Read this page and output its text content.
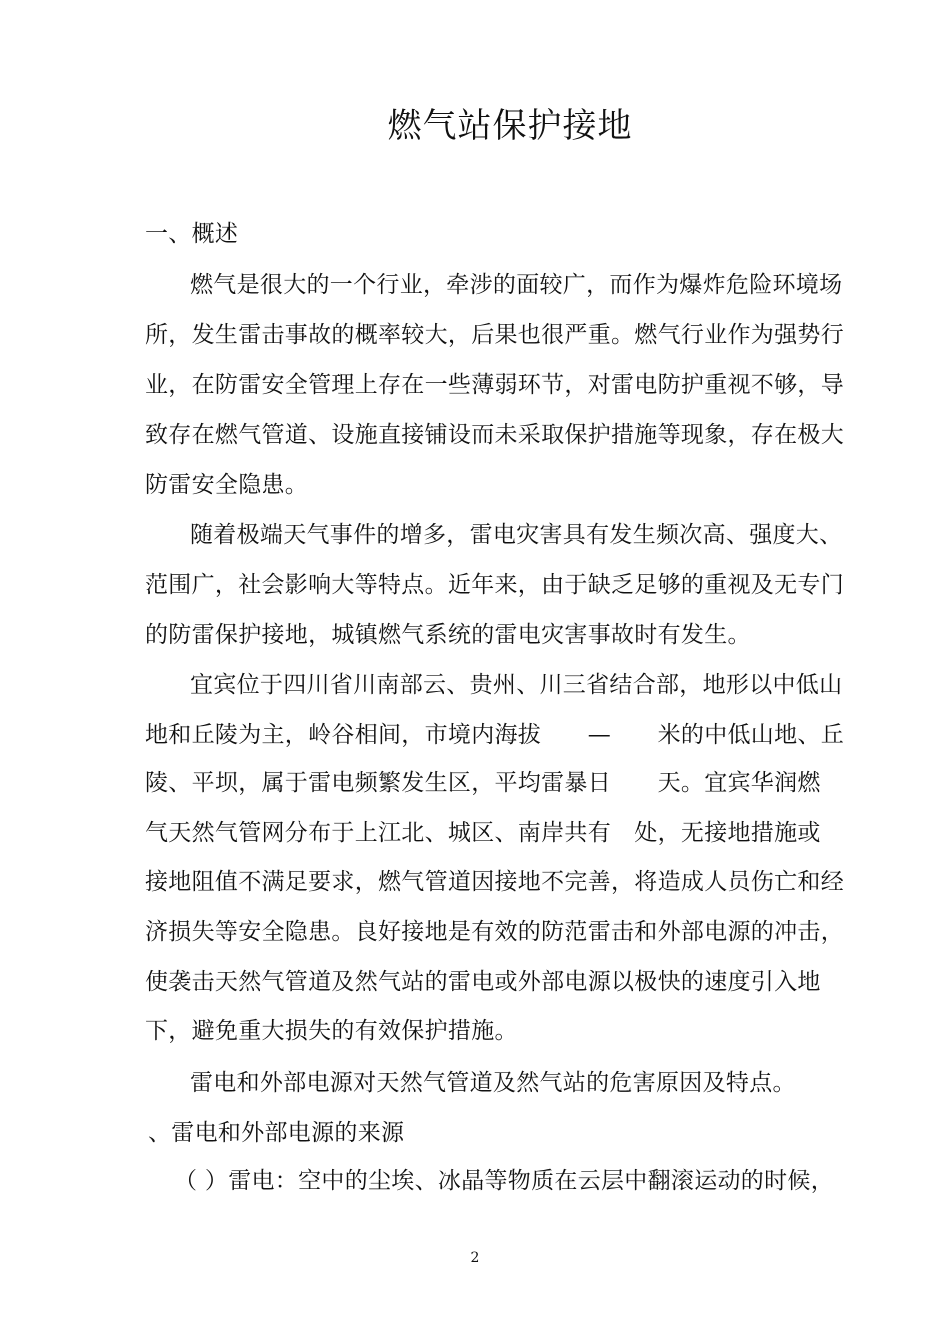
燃气站保护接地
一、概述
燃气是很大的一个行业，牵涉的面较广，而作为爆炸危险环境场
所，发生雷击事故的概率较大，后果也很严重。燃气行业作为强势行
业，在防雷安全管理上存在一些薄弱环节，对雷电防护重视不够，导
致存在燃气管道、设施直接铺设而未采取保护措施等现象，存在极大
防雷安全隐患。
随着极端天气事件的增多，雷电灾害具有发生频次高、强度大、
范围广，社会影响大等特点。近年来，由于缺乏足够的重视及无专门
的防雷保护接地，城镇燃气系统的雷电灾害事故时有发生。
宜宾位于四川省川南部云、贵州、川三省结合部，地形以中低山
地和丘陵为主，岭谷相间，市境内海拔　　—　　米的中低山地、丘
陵、平坝，属于雷电频繁发生区，平均雷暴日　　天。宜宾华润燃
气天然气管网分布于上江北、城区、南岸共有　处，无接地措施或
接地阻值不满足要求，燃气管道因接地不完善，将造成人员伤亡和经
济损失等安全隐患。良好接地是有效的防范雷击和外部电源的冲击，
使袭击天然气管道及然气站的雷电或外部电源以极快的速度引入地
下，避免重大损失的有效保护措施。
雷电和外部电源对天然气管道及然气站的危害原因及特点。
、雷电和外部电源的来源
（ ）雷电：空中的尘埃、冰晶等物质在云层中翻滚运动的时候，
2
